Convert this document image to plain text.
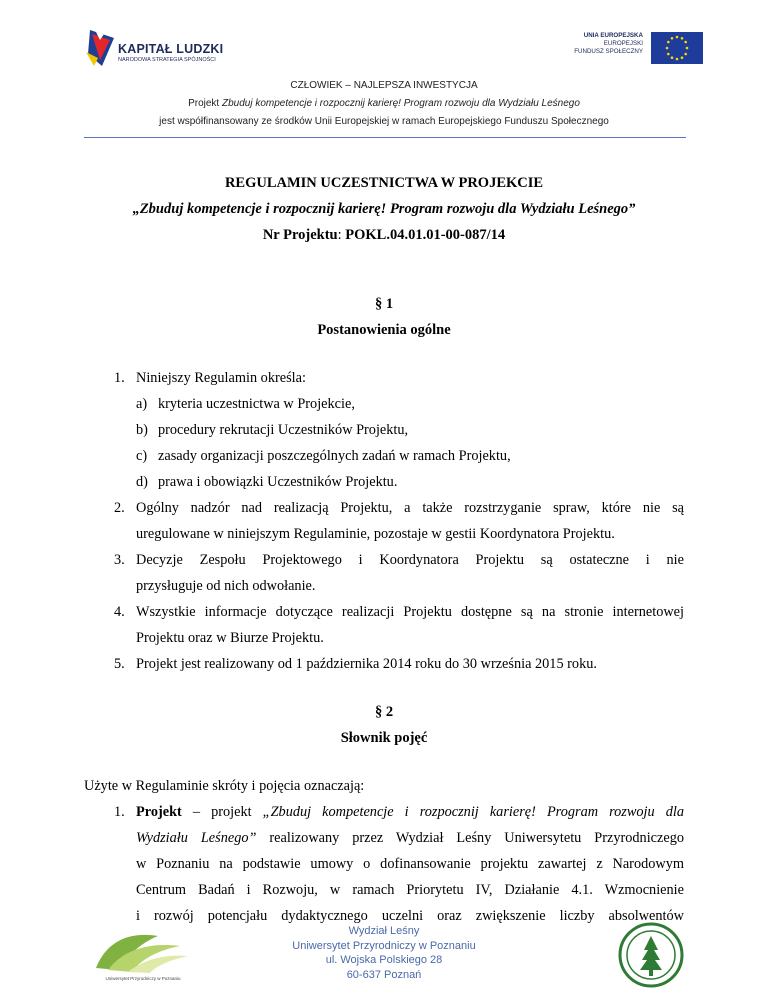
KAPITAŁ LUDZKI
NARODOWA STRATEGIA SPÓJNOŚCI
UNIA EUROPEJSKA
EUROPEJSKI
FUNDUSZ SPOŁECZNY
CZŁOWIEK – NAJLEPSZA INWESTYCJA
Projekt Zbuduj kompetencje i rozpocznij karierę! Program rozwoju dla Wydziału Leśnego
jest współfinansowany ze środków Unii Europejskiej w ramach Europejskiego Funduszu Społecznego
REGULAMIN UCZESTNICTWA W PROJEKCIE
„Zbuduj kompetencje i rozpocznij karierę! Program rozwoju dla Wydziału Leśnego”
Nr Projektu: POKL.04.01.01-00-087/14
§ 1
Postanowienia ogólne
1. Niniejszy Regulamin określa:
a) kryteria uczestnictwa w Projekcie,
b) procedury rekrutacji Uczestników Projektu,
c) zasady organizacji poszczególnych zadań w ramach Projektu,
d) prawa i obowiązki Uczestników Projektu.
2. Ogólny nadzór nad realizacją Projektu, a także rozstrzyganie spraw, które nie są
uregulowane w niniejszym Regulaminie, pozostaje w gestii Koordynatora Projektu.
3. Decyzje Zespołu Projektowego i Koordynatora Projektu są ostateczne i nie
przysługuje od nich odwołanie.
4. Wszystkie informacje dotyczące realizacji Projektu dostępne są na stronie internetowej
Projektu oraz w Biurze Projektu.
5. Projekt jest realizowany od 1 października 2014 roku do 30 września 2015 roku.
§ 2
Słownik pojęć
Użyte w Regulaminie skróty i pojęcia oznaczają:
1. Projekt – projekt „Zbuduj kompetencje i rozpocznij karierę! Program rozwoju dla
Wydziału Leśnego” realizowany przez Wydział Leśny Uniwersytetu Przyrodniczego
w Poznaniu na podstawie umowy o dofinansowanie projektu zawartej z Narodowym
Centrum Badań i Rozwoju, w ramach Priorytetu IV, Działanie 4.1. Wzmocnienie
i rozwój potencjału dydaktycznego uczelni oraz zwiększenie liczby absolwentów
Wydział Leśny
Uniwersytet Przyrodniczy w Poznaniu
ul. Wojska Polskiego 28
60-637 Poznań
Uniwersytet Przyrodniczy w Poznaniu
